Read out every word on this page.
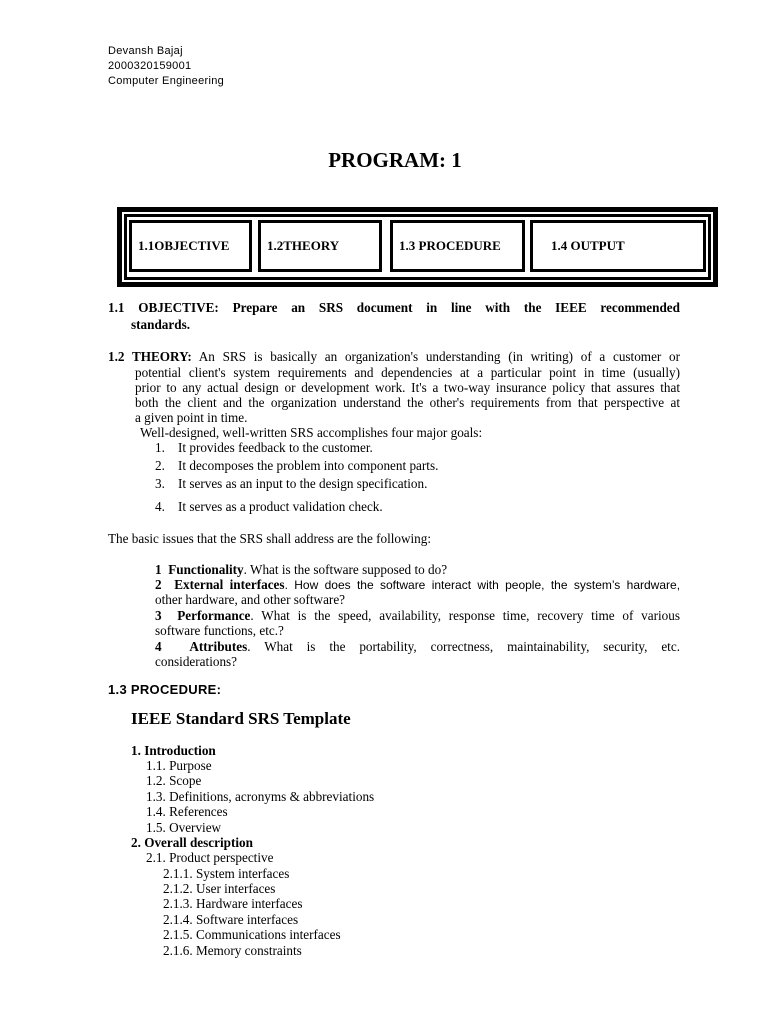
Devansh Bajaj
2000320159001
Computer Engineering
PROGRAM: 1
1.1OBJECTIVE	1.2THEORY	1.3 PROCEDURE	1.4 OUTPUT
1.1 OBJECTIVE: Prepare an SRS document in line with the IEEE recommended
standards.
1.2 THEORY: An SRS is basically an organization's understanding (in writing) of a customer or
potential client's system requirements and dependencies at a particular point in time (usually)
prior to any actual design or development work. It's a two-way insurance policy that assures that
both the client and the organization understand the other's requirements from that perspective at
a given point in time.
Well-designed, well-written SRS accomplishes four major goals:
1. It provides feedback to the customer.
2. It decomposes the problem into component parts.
3. It serves as an input to the design specification.
4. It serves as a product validation check.
The basic issues that the SRS shall address are the following:
1 Functionality. What is the software supposed to do?
2 External interfaces. How does the software interact with people, the system’s hardware,
other hardware, and other software?
3 Performance. What is the speed, availability, response time, recovery time of various
software functions, etc.?
4 Attributes. What is the portability, correctness, maintainability, security, etc.
considerations?
1.3 PROCEDURE:
IEEE Standard SRS Template
1. Introduction
1.1. Purpose
1.2. Scope
1.3. Definitions, acronyms & abbreviations
1.4. References
1.5. Overview
2. Overall description
2.1. Product perspective
2.1.1. System interfaces
2.1.2. User interfaces
2.1.3. Hardware interfaces
2.1.4. Software interfaces
2.1.5. Communications interfaces
2.1.6. Memory constraints
